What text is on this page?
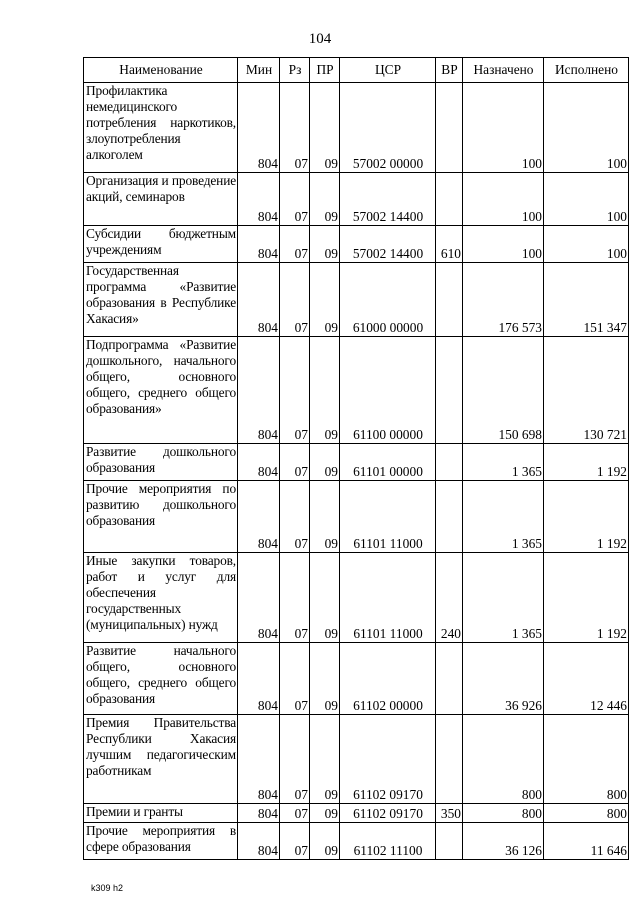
104
Наименование	Мин	Рз	ПР	ЦСР	ВР	Назначено	Исполнено
Профилактика немедицинского потребления наркотиков, злоупотребления алкоголем	804	07	09	57002 00000		100	100
Организация и проведение акций, семинаров	804	07	09	57002 14400		100	100
Субсидии бюджетным учреждениям	804	07	09	57002 14400	610	100	100
Государственная программа «Развитие образования в Республике Хакасия»	804	07	09	61000 00000		176 573	151 347
Подпрограмма «Развитие дошкольного, начального общего, основного общего, среднего общего образования»	804	07	09	61100 00000		150 698	130 721
Развитие дошкольного образования	804	07	09	61101 00000		1 365	1 192
Прочие мероприятия по развитию дошкольного образования	804	07	09	61101 11000		1 365	1 192
Иные закупки товаров, работ и услуг для обеспечения государственных (муниципальных) нужд	804	07	09	61101 11000	240	1 365	1 192
Развитие начального общего, основного общего, среднего общего образования	804	07	09	61102 00000		36 926	12 446
Премия Правительства Республики Хакасия лучшим педагогическим работникам	804	07	09	61102 09170		800	800
Премии и гранты	804	07	09	61102 09170	350	800	800
Прочие мероприятия в сфере образования	804	07	09	61102 11100		36 126	11 646
k309 h2
